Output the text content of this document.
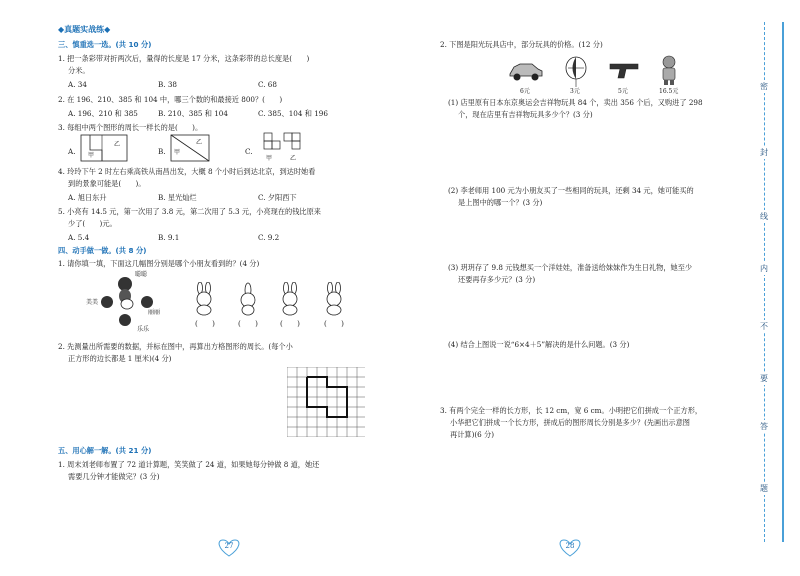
◆真题实战练◆
三、慎重选一选。(共 10 分)
1. 把一条彩带对折两次后，量得的长度是 17 分米，这条彩带的总长度是(　　)
分米。
A. 34	B. 38	C. 68
2. 在 196、210、385 和 104 中，哪三个数的和最接近 800？(　　)
A. 196、210 和 385	B. 210、385 和 104	C. 385、104 和 196
3. 每组中两个图形的周长一样长的是(　　)。
A. 甲
乙
B. 甲
乙
C.
甲	乙
4. 玲玲下午 2 时左右乘高铁从南昌出发，大概 8 个小时后到达北京，到达时她看
到的景象可能是(　　)。
A. 旭日东升	B. 星光灿烂	C. 夕阳西下
5. 小亮有 14.5 元，第一次用了 3.8 元，第二次用了 5.3 元，小亮现在的钱比原来
少了(　　)元。
A. 5.4	B. 9.1	C. 9.2
四、动手做一做。(共 8 分)
1. 请你填一填，下面这几幅图分别是哪个小朋友看到的？(4 分)
聪聪
美美
丽丽
乐乐
(　　)	(　　)	(　　)	(　　)
2. 先测量出所需要的数据，并标在图中，再算出方格图形的周长。(每个小
正方形的边长都是 1 厘米)(4 分)
五、用心解一解。(共 21 分)
1. 周末刘老师布置了 72 道计算题，笑笑做了 24 道，如果她每分钟做 8 道，她还
需要几分钟才能做完？(3 分)
27
2. 下图是阳光玩具店中，部分玩具的价格。(12 分)
6元	3元	5元	16.5元
(1) 店里原有日本东京奥运会吉祥物玩具 84 个，卖出 356 个后，又购进了 298
个，现在店里有吉祥物玩具多少个？(3 分)
(2) 李老师用 100 元为小朋友买了一些相同的玩具，还剩 34 元，她可能买的
是上图中的哪一个？(3 分)
(3) 玥玥存了 9.8 元钱想买一个洋娃娃，准备送给妹妹作为生日礼物，她至少
还要再存多少元？(3 分)
(4) 结合上图说一说“6×4＋5”解决的是什么问题。(3 分)
3. 有两个完全一样的长方形，长 12 cm，宽 6 cm。小明把它们拼成一个正方形，
小华把它们拼成一个长方形，拼成后的图形周长分别是多少？(先画出示意图
再计算)(6 分)
28
密
封
线
内
不
要
答
题
